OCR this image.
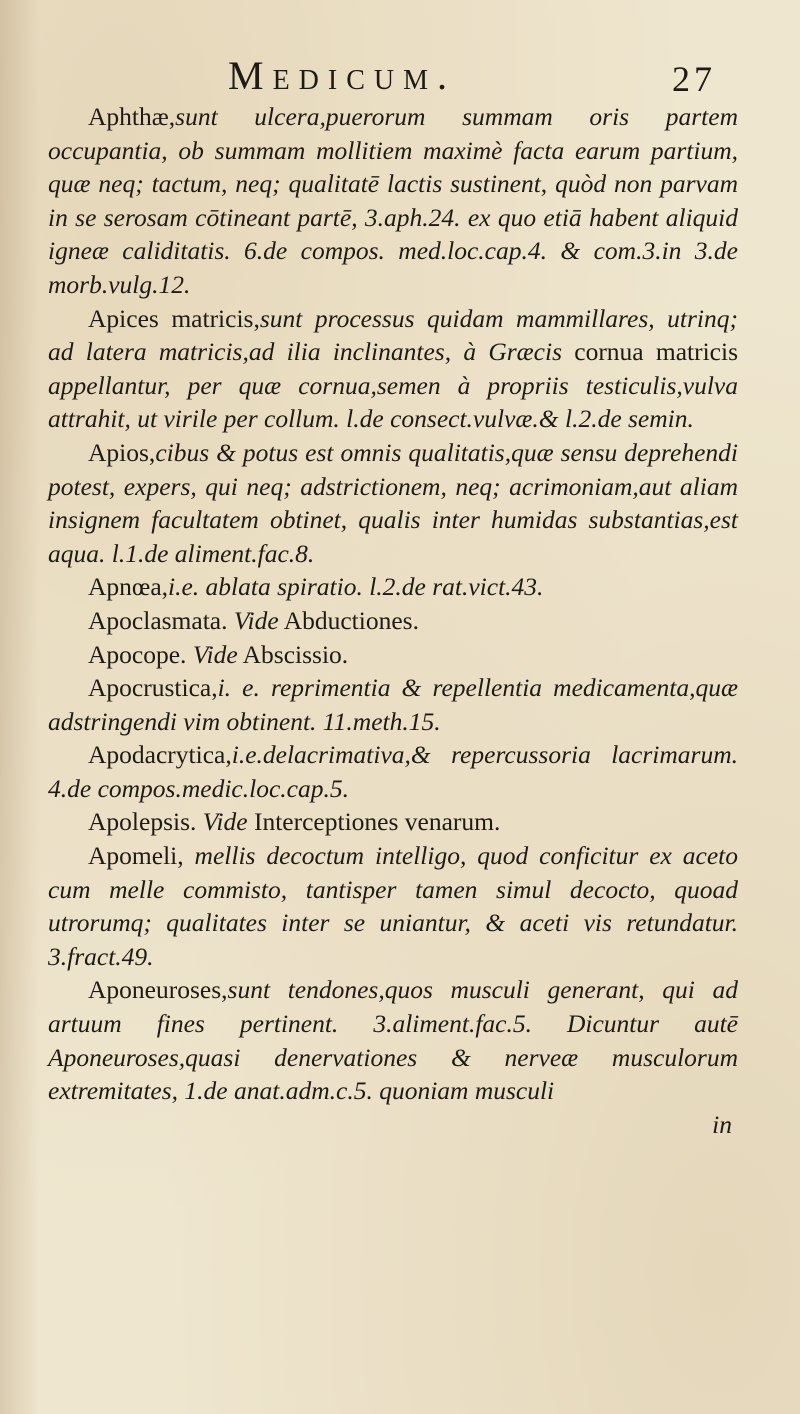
Medicum.	27

Aphthæ,sunt ulcera,puerorum summam oris partem occupantia, ob summam mollitiem maximè facta earum partium, quæ neq; tactum, neq; qualitatē lactis sustinent, quòd non parvam in se serosam cōtineant partē, 3.aph.24. ex quo etiā habent aliquid igneæ caliditatis. 6.de compos. med.loc.cap.4. & com.3.in 3.de morb.vulg.12.

Apices matricis,sunt processus quidam mammillares, utrinq; ad latera matricis,ad ilia inclinantes, à Græcis cornua matricis appellantur, per quæ cornua,semen à propriis testiculis,vulva attrahit, ut virile per collum. l.de consect.vulvæ.& l.2.de semin.

Apios,cibus & potus est omnis qualitatis,quæ sensu deprehendi potest, expers, qui neq; adstrictionem, neq; acrimoniam,aut aliam insignem facultatem obtinet, qualis inter humidas substantias,est aqua. l.1.de aliment.fac.8.

Apnœa,i.e. ablata spiratio. l.2.de rat.vict.43.

Apoclasmata. Vide Abductiones.

Apocope. Vide Abscissio.

Apocrustica,i. e. reprimentia & repellentia medicamenta,quæ adstringendi vim obtinent. 11.meth.15.

Apodacrytica,i.e.delacrimativa,& repercussoria lacrimarum. 4.de compos.medic.loc.cap.5.

Apolepsis. Vide Interceptiones venarum.

Apomeli, mellis decoctum intelligo, quod conficitur ex aceto cum melle commisto, tantisper tamen simul decocto, quoad utrorumq; qualitates inter se uniantur, & aceti vis retundatur. 3.fract.49.

Aponeuroses,sunt tendones,quos musculi generant, qui ad artuum fines pertinent. 3.aliment.fac.5. Dicuntur autē Aponeuroses,quasi denervationes & nerveæ musculorum extremitates, 1.de anat.adm.c.5. quoniam musculi

in
